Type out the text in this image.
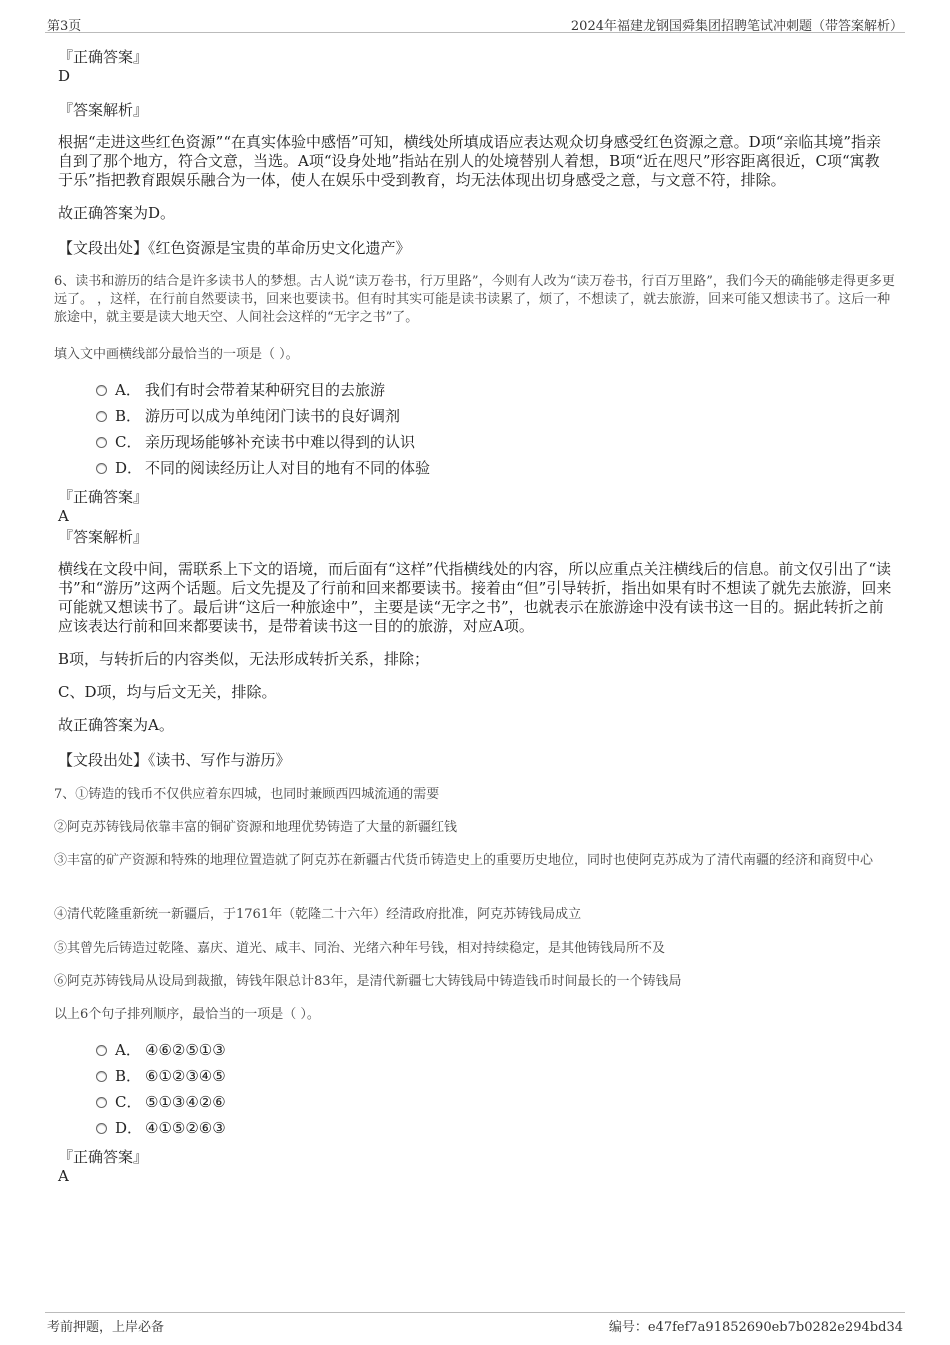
第3页	2024年福建龙钢国舜集团招聘笔试冲刺题（带答案解析）
『正确答案』
D
『答案解析』
根据“走进这些红色资源”“在真实体验中感悟”可知，横线处所填成语应表达观众切身感受红色资源之意。D项“亲临其境”指亲自到了那个地方，符合文意，当选。A项“设身处地”指站在别人的处境替别人着想，B项“近在咫尺”形容距离很近，C项“寓教于乐”指把教育跟娱乐融合为一体，使人在娱乐中受到教育，均无法体现出切身感受之意，与文意不符，排除。
故正确答案为D。
【文段出处】《红色资源是宝贵的革命历史文化遗产》
6、读书和游历的结合是许多读书人的梦想。古人说“读万卷书，行万里路”，今则有人改为“读万卷书，行百万里路”，我们今天的确能够走得更多更远了。 ，这样，在行前自然要读书，回来也要读书。但有时其实可能是读书读累了，烦了，不想读了，就去旅游，回来可能又想读书了。这后一种旅途中，就主要是读大地天空、人间社会这样的“无字之书”了。
填入文中画横线部分最恰当的一项是（ ）。
A． 我们有时会带着某种研究目的去旅游
B． 游历可以成为单纯闭门读书的良好调剂
C． 亲历现场能够补充读书中难以得到的认识
D． 不同的阅读经历让人对目的地有不同的体验
『正确答案』
A
『答案解析』
横线在文段中间，需联系上下文的语境，而后面有“这样”代指横线处的内容，所以应重点关注横线后的信息。前文仅引出了“读书”和“游历”这两个话题。后文先提及了行前和回来都要读书。接着由“但”引导转折，指出如果有时不想读了就先去旅游，回来可能就又想读书了。最后讲“这后一种旅途中”，主要是读“无字之书”，也就表示在旅游途中没有读书这一目的。据此转折之前应该表达行前和回来都要读书，是带着读书这一目的的旅游，对应A项。
B项，与转折后的内容类似，无法形成转折关系，排除；
C、D项，均与后文无关，排除。
故正确答案为A。
【文段出处】《读书、写作与游历》
7、①铸造的钱币不仅供应着东四城，也同时兼顾西四城流通的需要
②阿克苏铸钱局依靠丰富的铜矿资源和地理优势铸造了大量的新疆红钱
③丰富的矿产资源和特殊的地理位置造就了阿克苏在新疆古代货币铸造史上的重要历史地位，同时也使阿克苏成为了清代南疆的经济和商贸中心
④清代乾隆重新统一新疆后，于1761年（乾隆二十六年）经清政府批准，阿克苏铸钱局成立
⑤其曾先后铸造过乾隆、嘉庆、道光、咸丰、同治、光绪六种年号钱，相对持续稳定，是其他铸钱局所不及
⑥阿克苏铸钱局从设局到裁撤，铸钱年限总计83年，是清代新疆七大铸钱局中铸造钱币时间最长的一个铸钱局
以上6个句子排列顺序，最恰当的一项是（ ）。
A． ④⑥②⑤①③
B． ⑥①②③④⑤
C． ⑤①③④②⑥
D． ④①⑤②⑥③
『正确答案』
A
考前押题，上岸必备	编号：e47fef7a91852690eb7b0282e294bd34
